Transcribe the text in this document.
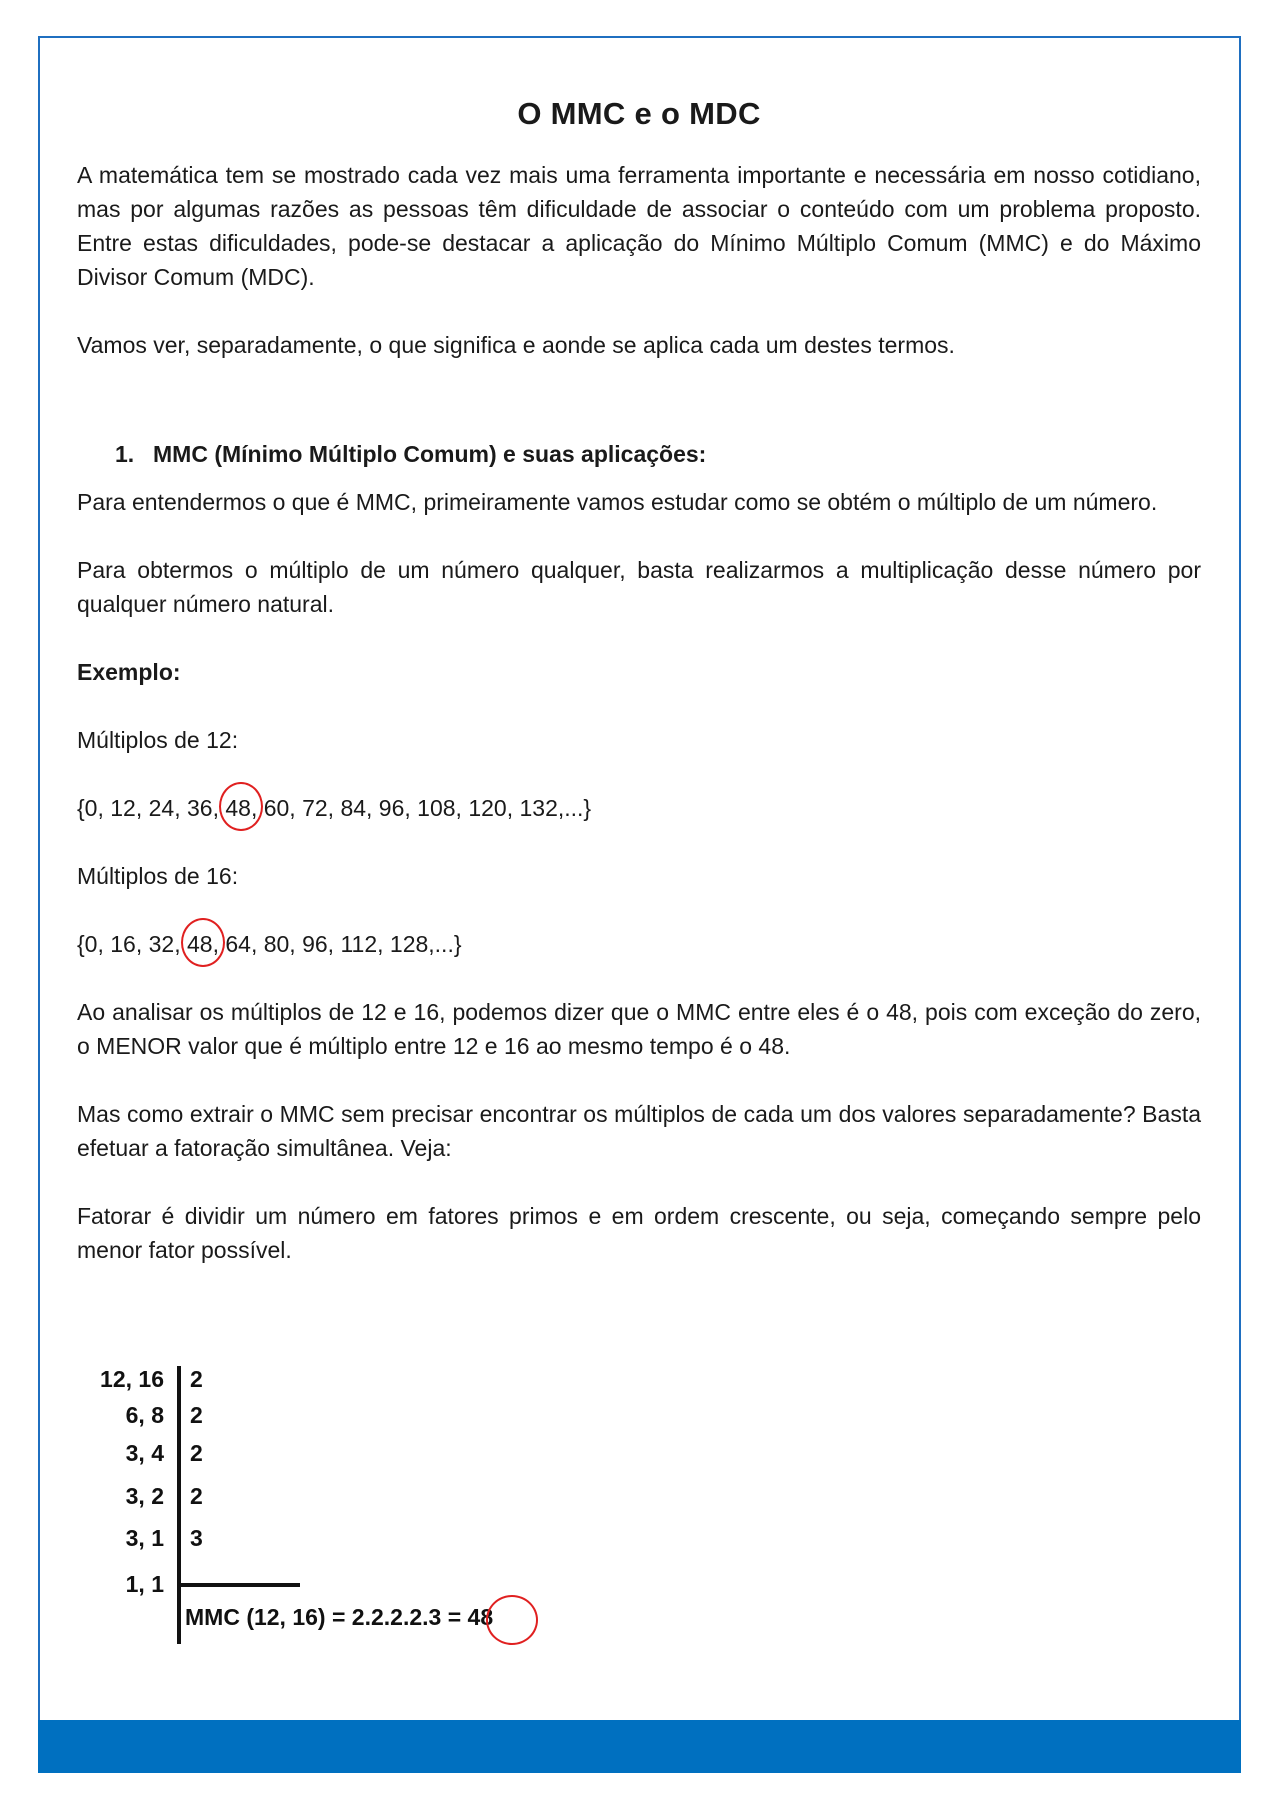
O MMC e o MDC

A matemática tem se mostrado cada vez mais uma ferramenta importante e necessária em nosso cotidiano, mas por algumas razões as pessoas têm dificuldade de associar o conteúdo com um problema proposto. Entre estas dificuldades, pode-se destacar a aplicação do Mínimo Múltiplo Comum (MMC) e do Máximo Divisor Comum (MDC).

Vamos ver, separadamente, o que significa e aonde se aplica cada um destes termos.

1. MMC (Mínimo Múltiplo Comum) e suas aplicações:

Para entendermos o que é MMC, primeiramente vamos estudar como se obtém o múltiplo de um número.

Para obtermos o múltiplo de um número qualquer, basta realizarmos a multiplicação desse número por qualquer número natural.

Exemplo:

Múltiplos de 12:

{0, 12, 24, 36, 48, 60, 72, 84, 96, 108, 120, 132,...}

Múltiplos de 16:

{0, 16, 32, 48, 64, 80, 96, 112, 128,...}

Ao analisar os múltiplos de 12 e 16, podemos dizer que o MMC entre eles é o 48, pois com exceção do zero, o MENOR valor que é múltiplo entre 12 e 16 ao mesmo tempo é o 48.

Mas como extrair o MMC sem precisar encontrar os múltiplos de cada um dos valores separadamente? Basta efetuar a fatoração simultânea. Veja:

Fatorar é dividir um número em fatores primos e em ordem crescente, ou seja, começando sempre pelo menor fator possível.

12, 16 2
6, 8 2
3, 4 2
3, 2 2
3, 1 3
1, 1
MMC (12, 16) = 2.2.2.2.3 = 48
